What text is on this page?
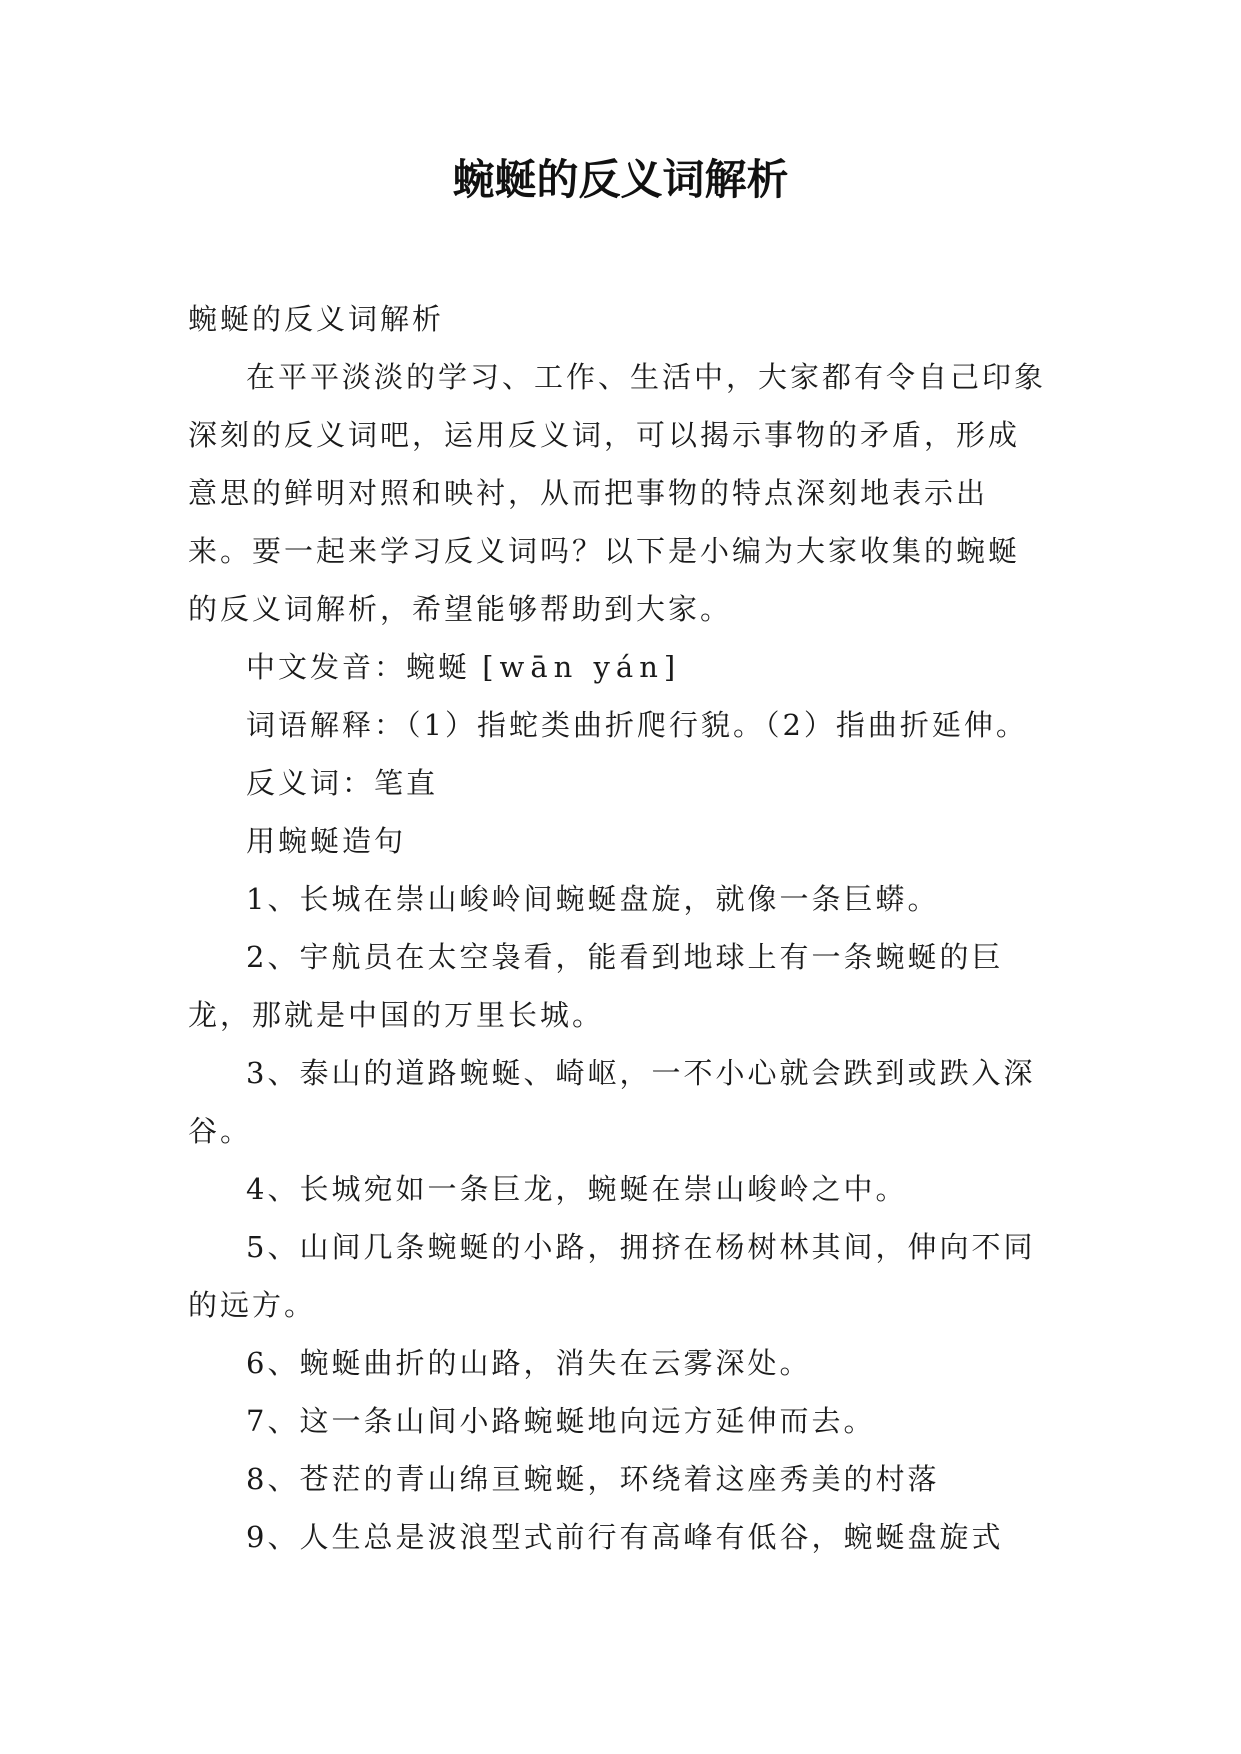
蜿蜒的反义词解析

蜿蜒的反义词解析

在平平淡淡的学习、工作、生活中，大家都有令自己印象深刻的反义词吧，运用反义词，可以揭示事物的矛盾，形成意思的鲜明对照和映衬，从而把事物的特点深刻地表示出来。要一起来学习反义词吗？以下是小编为大家收集的蜿蜒的反义词解析，希望能够帮助到大家。

中文发音：蜿蜒 [wān yán]

词语解释：（1）指蛇类曲折爬行貌。（2）指曲折延伸。

反义词：笔直

用蜿蜒造句

1、长城在崇山峻岭间蜿蜒盘旋，就像一条巨蟒。

2、宇航员在太空袅看，能看到地球上有一条蜿蜒的巨龙，那就是中国的万里长城。

3、泰山的道路蜿蜒、崎岖，一不小心就会跌到或跌入深谷。

4、长城宛如一条巨龙，蜿蜒在崇山峻岭之中。

5、山间几条蜿蜒的小路，拥挤在杨树林其间，伸向不同的远方。

6、蜿蜒曲折的山路，消失在云雾深处。

7、这一条山间小路蜿蜒地向远方延伸而去。

8、苍茫的青山绵亘蜿蜒，环绕着这座秀美的村落

9、人生总是波浪型式前行有高峰有低谷，蜿蜒盘旋式
